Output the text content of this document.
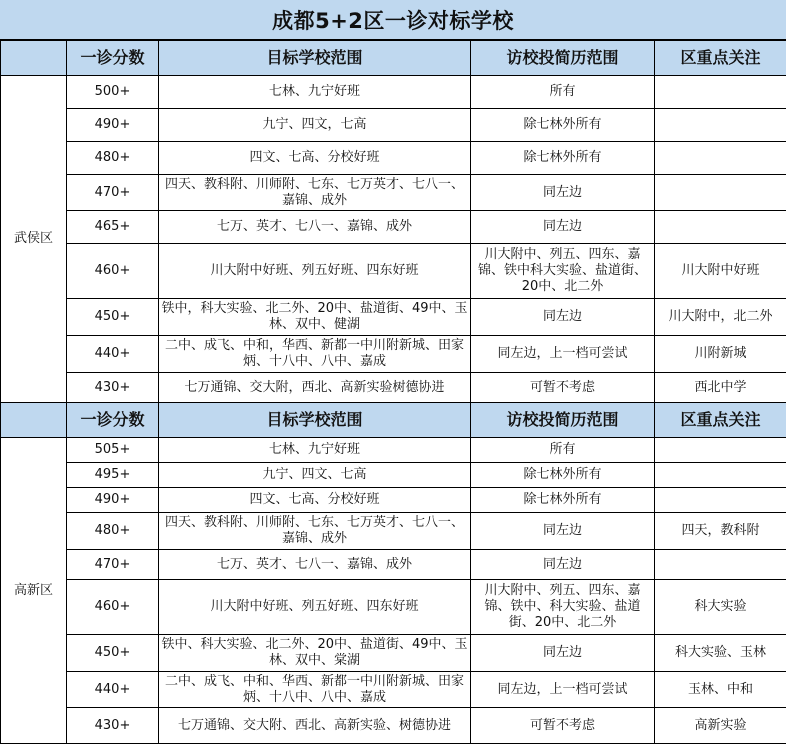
成都5+2区一诊对标学校
	一诊分数	目标学校范围	访校投简历范围	区重点关注
武侯区	500+	七林、九宁好班	所有	
	490+	九宁、四文，七高	除七林外所有	
	480+	四文、七高、分校好班	除七林外所有	
	470+	四天、教科附、川师附、七东、七万英才、七八一、嘉锦、成外	同左边	
	465+	七万、英才、七八一、嘉锦、成外	同左边	
	460+	川大附中好班、列五好班、四东好班	川大附中、列五、四东、嘉锦、铁中科大实验、盐道街、20中、北二外	川大附中好班
	450+	铁中，科大实验、北二外、20中、盐道街、49中、玉林、双中、健湖	同左边	川大附中，北二外
	440+	二中、成飞、中和，华西、新都一中川附新城、田家炳、十八中、八中、嘉成	同左边，上一档可尝试	川附新城
	430+	七万通锦、交大附，西北、高新实验树德协进	可暂不考虑	西北中学
	一诊分数	目标学校范围	访校投简历范围	区重点关注
高新区	505+	七林、九宁好班	所有	
	495+	九宁、四文、七高	除七林外所有	
	490+	四文、七高、分校好班	除七林外所有	
	480+	四天、教科附、川师附、七东、七万英才、七八一、嘉锦、成外	同左边	四天，教科附
	470+	七万、英才、七八一、嘉锦、成外	同左边	
	460+	川大附中好班、列五好班、四东好班	川大附中、列五、四东、嘉锦、铁中、科大实验、盐道街、20中、北二外	科大实验
	450+	铁中、科大实验、北二外、20中、盐道街、49中、玉林、双中、棠湖	同左边	科大实验、玉林
	440+	二中、成飞、中和、华西、新都一中川附新城、田家炳、十八中、八中、嘉成	同左边，上一档可尝试	玉林、中和
	430+	七万通锦、交大附、西北、高新实验、树德协进	可暂不考虑	高新实验
